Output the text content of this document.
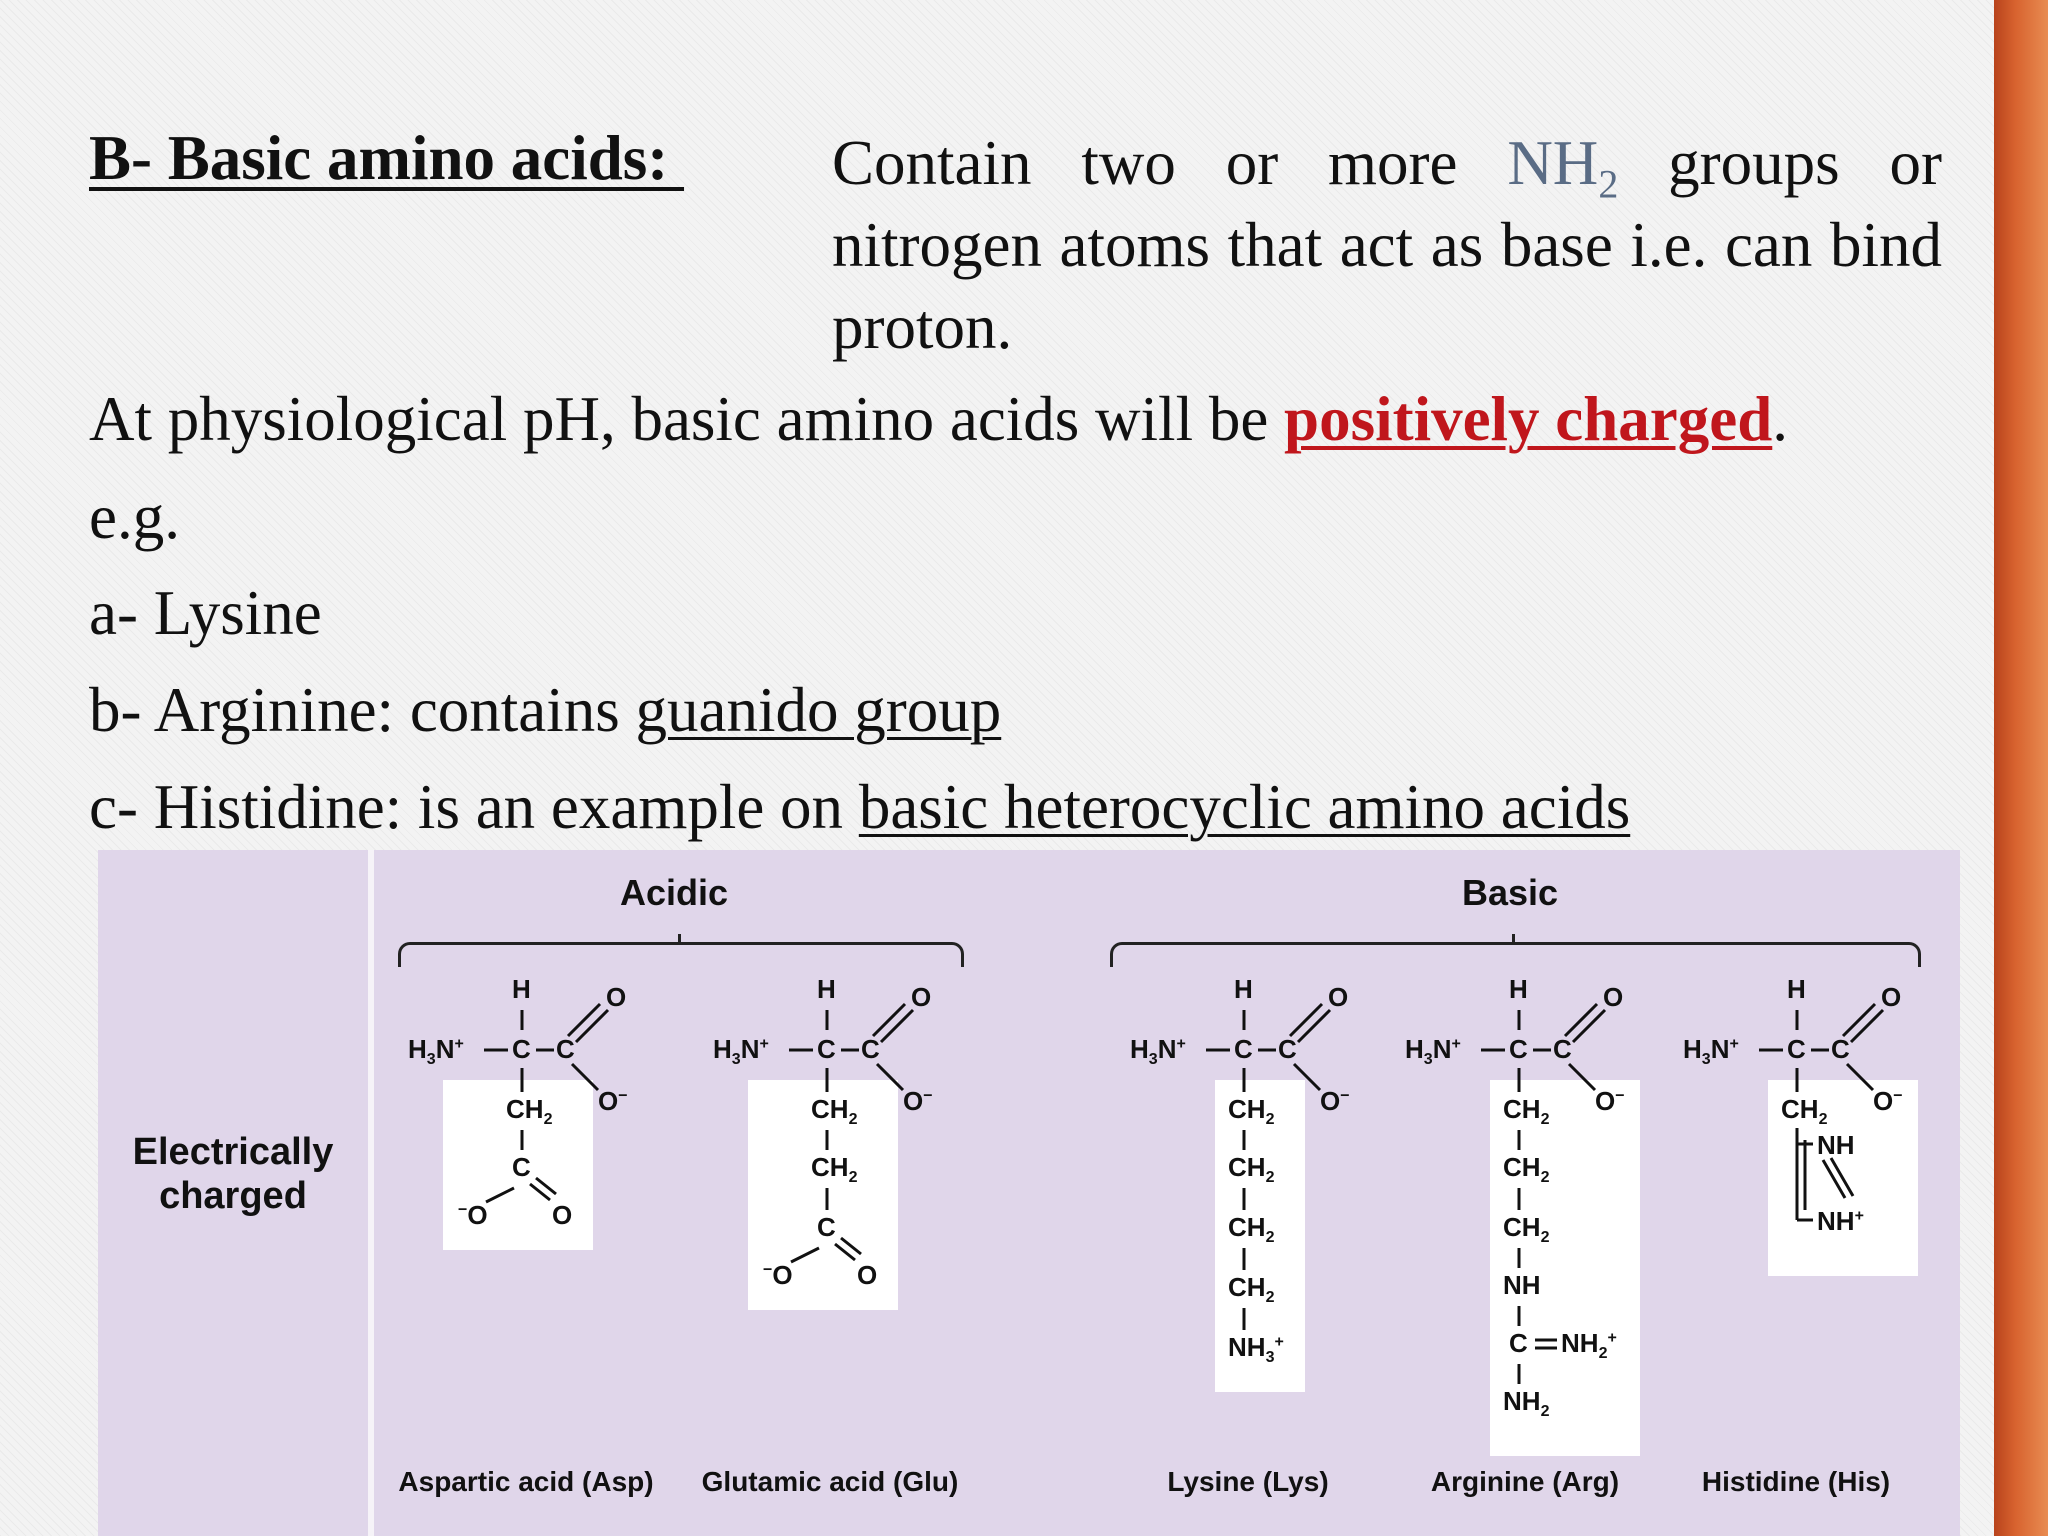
B- Basic amino acids: Contain two or more $NH_2$ groups or nitrogen atoms that act as base i.e. can bind proton.
At physiological pH, basic amino acids will be positively charged.
e.g.
a- Lysine
b- Arginine: contains guanido group
c- Histidine: is an example on basic heterocyclic amino acids
Electrically charged
Acidic	Basic
H
$H_3N^+$ C C
O
O−
$CH_2$
C
−O O
H
$H_3N^+$ C C
O
O−
$CH_2$
$CH_2$
C
−O O
H
$H_3N^+$ C C
O
O−
$CH_2$
$CH_2$
$CH_2$
$CH_2$
$NH_3^+$
H
$H_3N^+$ C C
O
O−
$CH_2$
$CH_2$
$CH_2$
NH
C $NH_2^+$
$NH_2$
H
$H_3N^+$ C C
O
O−
$CH_2$
NH
NH+
Aspartic acid (Asp) Glutamic acid (Glu)	Lysine (Lys)	Arginine (Arg)	Histidine (His)
